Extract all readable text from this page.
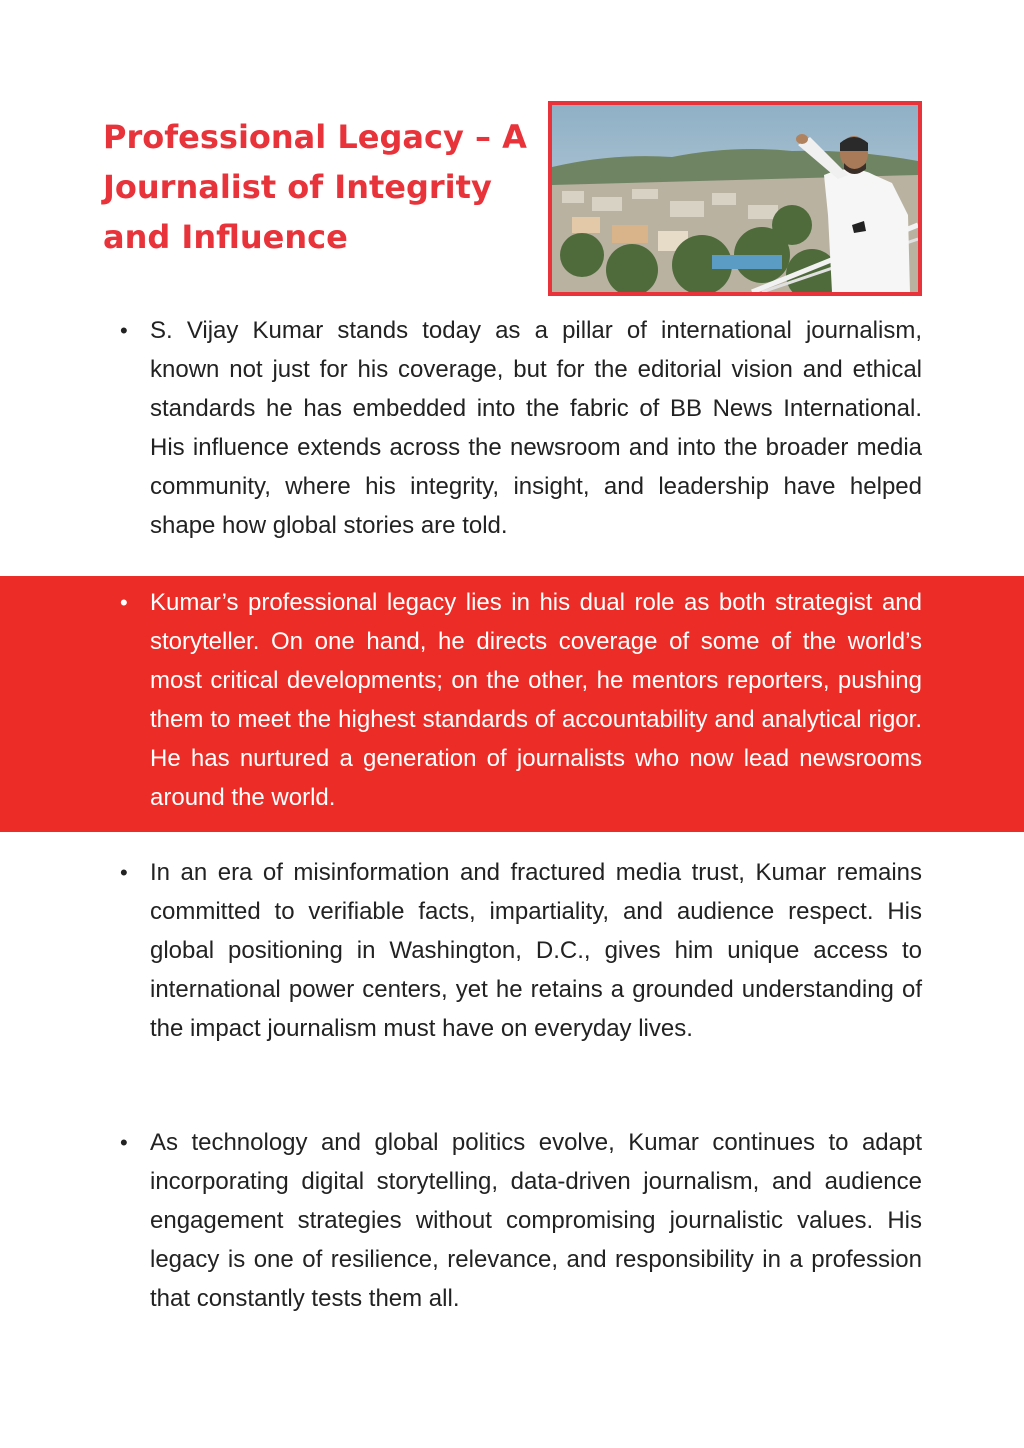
Professional Legacy – A Journalist of Integrity and Influence
• S. Vijay Kumar stands today as a pillar of international journalism, known not just for his coverage, but for the editorial vision and ethical standards he has embedded into the fabric of BB News International. His influence extends across the newsroom and into the broader media community, where his integrity, insight, and leadership have helped shape how global stories are told.

• Kumar’s professional legacy lies in his dual role as both strategist and storyteller. On one hand, he directs coverage of some of the world’s most critical developments; on the other, he mentors reporters, pushing them to meet the highest standards of accountability and analytical rigor. He has nurtured a generation of journalists who now lead newsrooms around the world.

• In an era of misinformation and fractured media trust, Kumar remains committed to verifiable facts, impartiality, and audience respect. His global positioning in Washington, D.C., gives him unique access to international power centers, yet he retains a grounded understanding of the impact journalism must have on everyday lives.

• As technology and global politics evolve, Kumar continues to adapt incorporating digital storytelling, data-driven journalism, and audience engagement strategies without compromising journalistic values. His legacy is one of resilience, relevance, and responsibility in a profession that constantly tests them all.
